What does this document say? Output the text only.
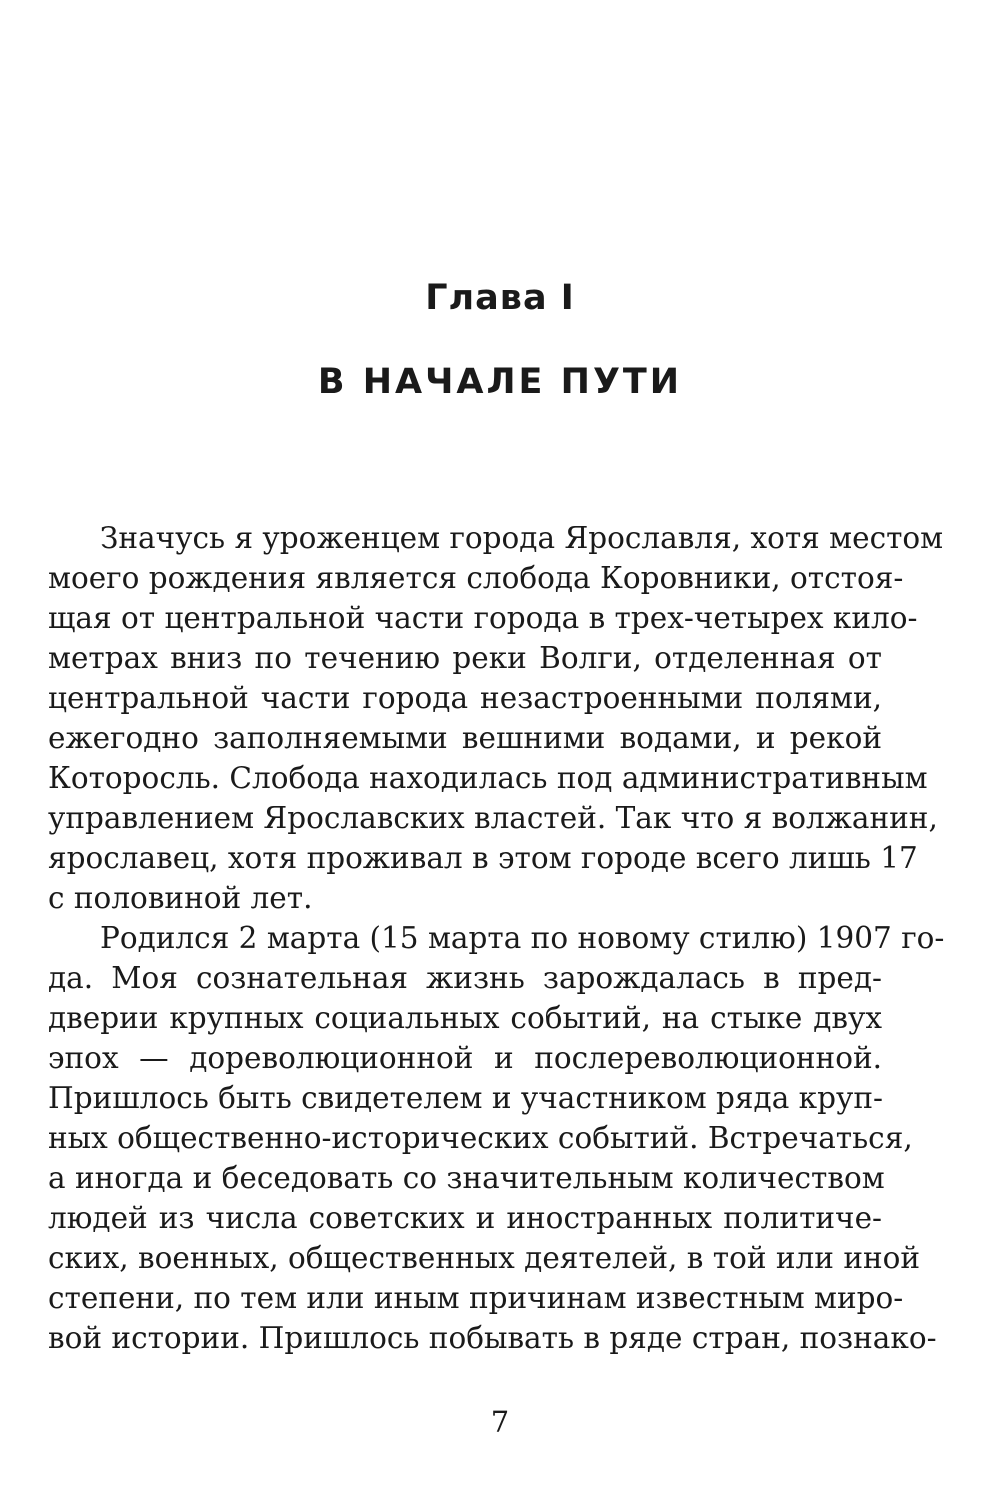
Глава I
В НАЧАЛЕ ПУТИ
Значусь я уроженцем города Ярославля, хотя местом
моего рождения является слобода Коровники, отстоя-
щая от центральной части города в трех-четырех кило-
метрах вниз по течению реки Волги, отделенная от
центральной части города незастроенными полями,
ежегодно заполняемыми вешними водами, и рекой
Которосль. Слобода находилась под административным
управлением Ярославских властей. Так что я волжанин,
ярославец, хотя проживал в этом городе всего лишь 17
с половиной лет.
Родился 2 марта (15 марта по новому стилю) 1907 го-
да. Моя сознательная жизнь зарождалась в пред-
дверии крупных социальных событий, на стыке двух
эпох — дореволюционной и послереволюционной.
Пришлось быть свидетелем и участником ряда круп-
ных общественно-исторических событий. Встречаться,
а иногда и беседовать со значительным количеством
людей из числа советских и иностранных политиче-
ских, военных, общественных деятелей, в той или иной
степени, по тем или иным причинам известным миро-
вой истории. Пришлось побывать в ряде стран, познако-
7
